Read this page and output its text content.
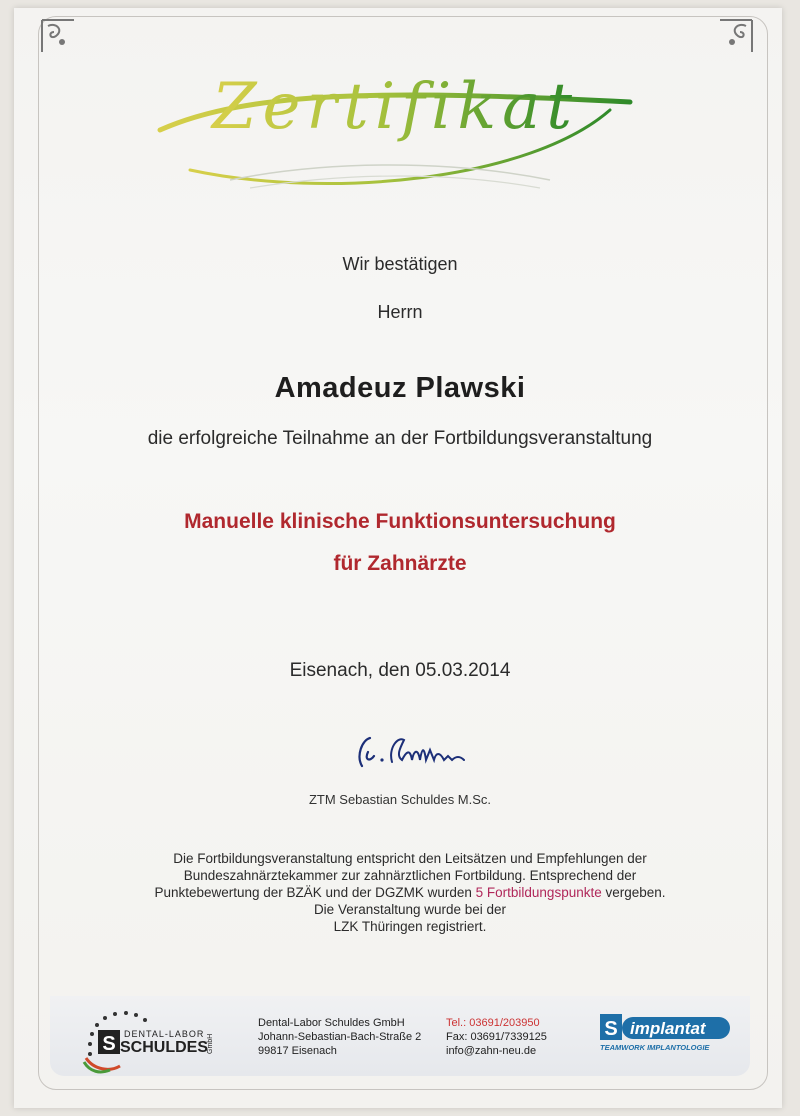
Zertifikat
Wir bestätigen
Herrn
Amadeuz Plawski
die erfolgreiche Teilnahme an der Fortbildungsveranstaltung
Manuelle klinische Funktionsuntersuchung
für Zahnärzte
Eisenach, den 05.03.2014
ZTM Sebastian Schuldes M.Sc.
Die Fortbildungsveranstaltung entspricht den Leitsätzen und Empfehlungen der
Bundeszahnärztekammer zur zahnärztlichen Fortbildung. Entsprechend der
Punktebewertung der BZÄK und der DGZMK wurden 5 Fortbildungspunkte vergeben.
Die Veranstaltung wurde bei der
LZK Thüringen registriert.
S DENTAL-LABOR
SCHULDES
GmbH
Dental-Labor Schuldes GmbH
Johann-Sebastian-Bach-Straße 2
99817 Eisenach
Tel.: 03691/203950
Fax: 03691/7339125
info@zahn-neu.de
S implantat
TEAMWORK IMPLANTOLOGIE
